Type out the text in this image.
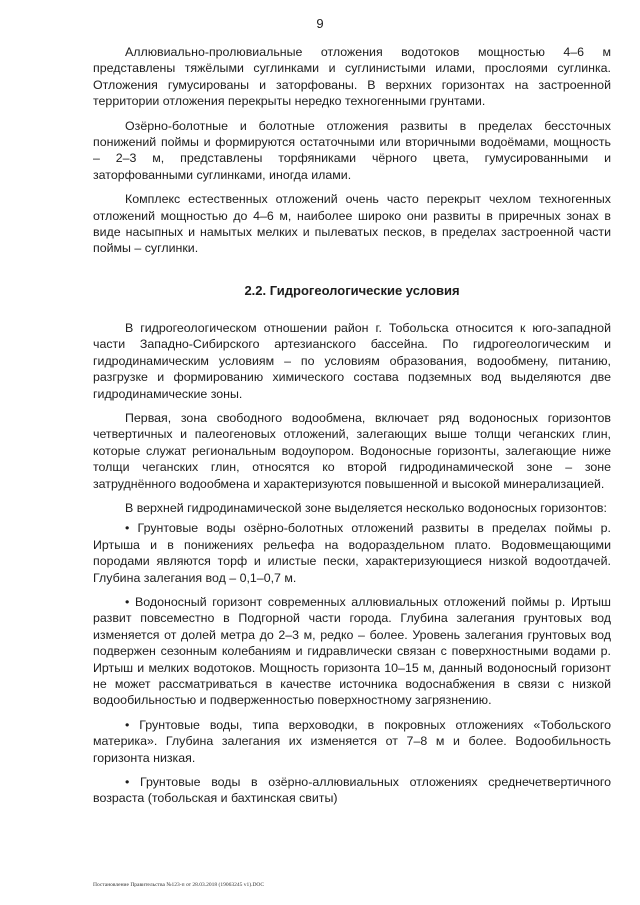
9

Аллювиально-пролювиальные отложения водотоков мощностью 4–6 м представлены тяжёлыми суглинками и суглинистыми илами, прослоями суглинка. Отложения гумусированы и заторфованы. В верхних горизонтах на застроенной территории отложения перекрыты нередко техногенными грунтами.

Озёрно-болотные и болотные отложения развиты в пределах бессточных понижений поймы и формируются остаточными или вторичными водоёмами, мощность – 2–3 м, представлены торфяниками чёрного цвета, гумусированными и заторфованными суглинками, иногда илами.

Комплекс естественных отложений очень часто перекрыт чехлом техногенных отложений мощностью до 4–6 м, наиболее широко они развиты в приречных зонах в виде насыпных и намытых мелких и пылеватых песков, в пределах застроенной части поймы – суглинки.

2.2. Гидрогеологические условия

В гидрогеологическом отношении район г. Тобольска относится к юго-западной части Западно-Сибирского артезианского бассейна. По гидрогеологическим и гидродинамическим условиям – по условиям образования, водообмену, питанию, разгрузке и формированию химического состава подземных вод выделяются две гидродинамические зоны.

Первая, зона свободного водообмена, включает ряд водоносных горизонтов четвертичных и палеогеновых отложений, залегающих выше толщи чеганских глин, которые служат региональным водоупором. Водоносные горизонты, залегающие ниже толщи чеганских глин, относятся ко второй гидродинамической зоне – зоне затруднённого водообмена и характеризуются повышенной и высокой минерализацией.

В верхней гидродинамической зоне выделяется несколько водоносных горизонтов:

• Грунтовые воды озёрно-болотных отложений развиты в пределах поймы р. Иртыша и в понижениях рельефа на водораздельном плато. Водовмещающими породами являются торф и илистые пески, характеризующиеся низкой водоотдачей. Глубина залегания вод – 0,1–0,7 м.

• Водоносный горизонт современных аллювиальных отложений поймы р. Иртыш развит повсеместно в Подгорной части города. Глубина залегания грунтовых вод изменяется от долей метра до 2–3 м, редко – более. Уровень залегания грунтовых вод подвержен сезонным колебаниям и гидравлически связан с поверхностными водами р. Иртыш и мелких водотоков. Мощность горизонта 10–15 м, данный водоносный горизонт не может рассматриваться в качестве источника водоснабжения в связи с низкой водообильностью и подверженностью поверхностному загрязнению.

• Грунтовые воды, типа верховодки, в покровных отложениях «Тобольского материка». Глубина залегания их изменяется от 7–8 м и более. Водообильность горизонта низкая.

• Грунтовые воды в озёрно-аллювиальных отложениях среднечетвертичного возраста (тобольская и бахтинская свиты)

Постановление Правительства №123-п от 28.03.2018 (19063245 v1).DOC
